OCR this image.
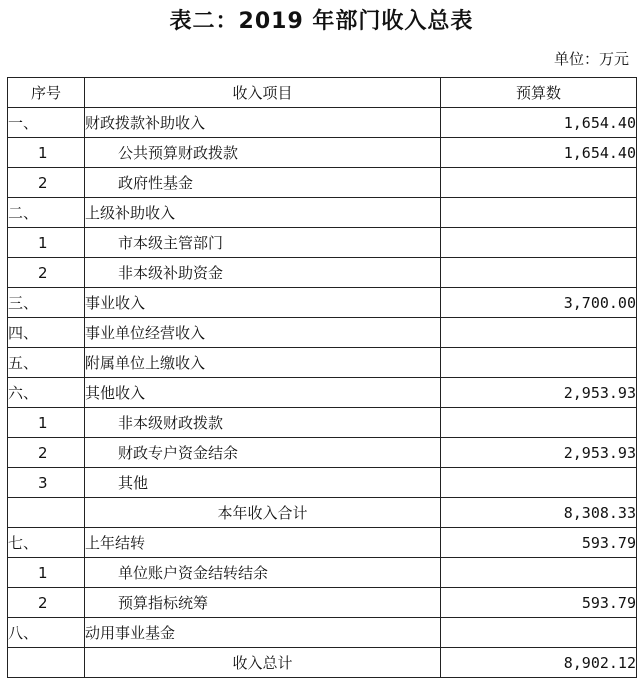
表二：2019 年部门收入总表
单位：万元
序号	收入项目	预算数
一、	财政拨款补助收入	1,654.40
1	公共预算财政拨款	1,654.40
2	政府性基金	
二、	上级补助收入	
1	市本级主管部门	
2	非本级补助资金	
三、	事业收入	3,700.00
四、	事业单位经营收入	
五、	附属单位上缴收入	
六、	其他收入	2,953.93
1	非本级财政拨款	
2	财政专户资金结余	2,953.93
3	其他	
	本年收入合计	8,308.33
七、	上年结转	593.79
1	单位账户资金结转结余	
2	预算指标统筹	593.79
八、	动用事业基金	
	收入总计	8,902.12
